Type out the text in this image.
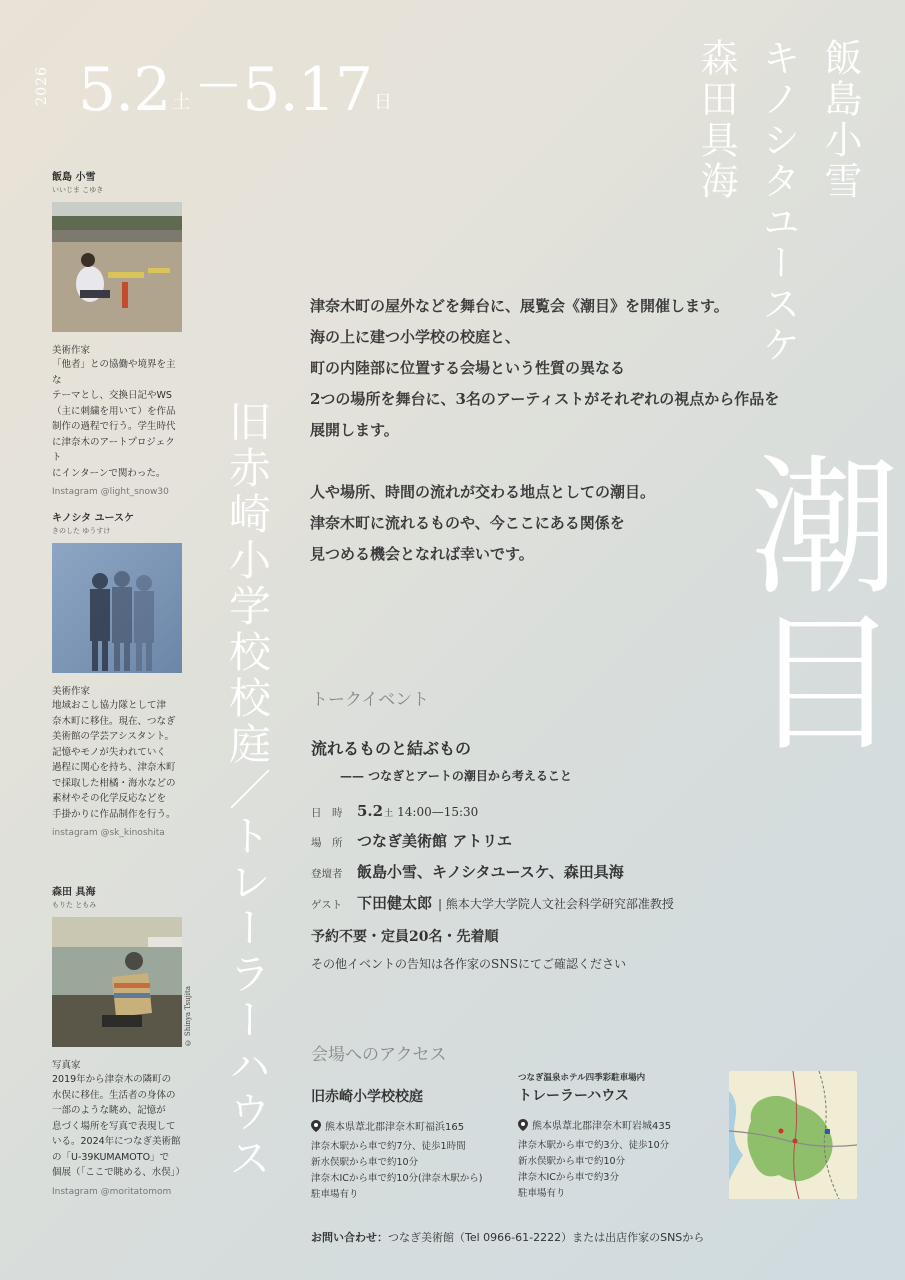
2026 5.2 土 — 5.17 日	飯島小雪
キノシタユースケ
森田具海
潮目
旧赤崎小学校校庭／トレーラーハウス
飯島 小雪
いいじま こゆき
美術作家
「他者」との協働や境界を主な
テーマとし、交換日記やWS
（主に刺繍を用いて）を作品
制作の過程で行う。学生時代
に津奈木のアートプロジェクト
にインターンで関わった。
Instagram @light_snow30
キノシタ ユースケ
きのした ゆうすけ
美術作家
地域おこし協力隊として津
奈木町に移住。現在、つなぎ
美術館の学芸アシスタント。
記憶やモノが失われていく
過程に関心を持ち、津奈木町
で採取した柑橘・海水などの
素材やその化学反応などを
手掛かりに作品制作を行う。
instagram @sk_kinoshita
森田 具海
もりた ともみ
写真家
2019年から津奈木の隣町の
水俣に移住。生活者の身体の
一部のような眺め、記憶が
息づく場所を写真で表現して
いる。2024年につなぎ美術館
の「U-39KUMAMOTO」で
個展（「ここで眺める、水俣」）
Instagram @moritatomom
© Shinya Tsujita

津奈木町の屋外などを舞台に、展覧会《潮目》を開催します。

海の上に建つ小学校の校庭と、

町の内陸部に位置する会場という性質の異なる

2つの場所を舞台に、3名のアーティストがそれぞれの視点から作品を

展開します。

人や場所、時間の流れが交わる地点としての潮目。

津奈木町に流れるものや、今ここにある関係を

見つめる機会となれば幸いです。

トークイベント
流れるものと結ぶもの
—— つなぎとアートの潮目から考えること
日　時 5.2 土 14:00—15:30
場　所 つなぎ美術館 アトリエ
登壇者 飯島小雪、キノシタユースケ、森田具海
ゲスト 下田健太郎 | 熊本大学大学院人文社会科学研究部准教授
予約不要・定員20名・先着順
その他イベントの告知は各作家のSNSにてご確認ください
会場へのアクセス
旧赤崎小学校校庭
熊本県葦北郡津奈木町福浜165
津奈木駅から車で約7分、徒歩1時間
新水俣駅から車で約10分
津奈木ICから車で約10分(津奈木駅から)
駐車場有り
つなぎ温泉ホテル四季彩駐車場内
トレーラーハウス
熊本県葦北郡津奈木町岩城435
津奈木駅から車で約3分、徒歩10分
新水俣駅から車で約10分
津奈木ICから車で約3分
駐車場有り
お問い合わせ：つなぎ美術館（Tel 0966-61-2222）または出店作家のSNSから
